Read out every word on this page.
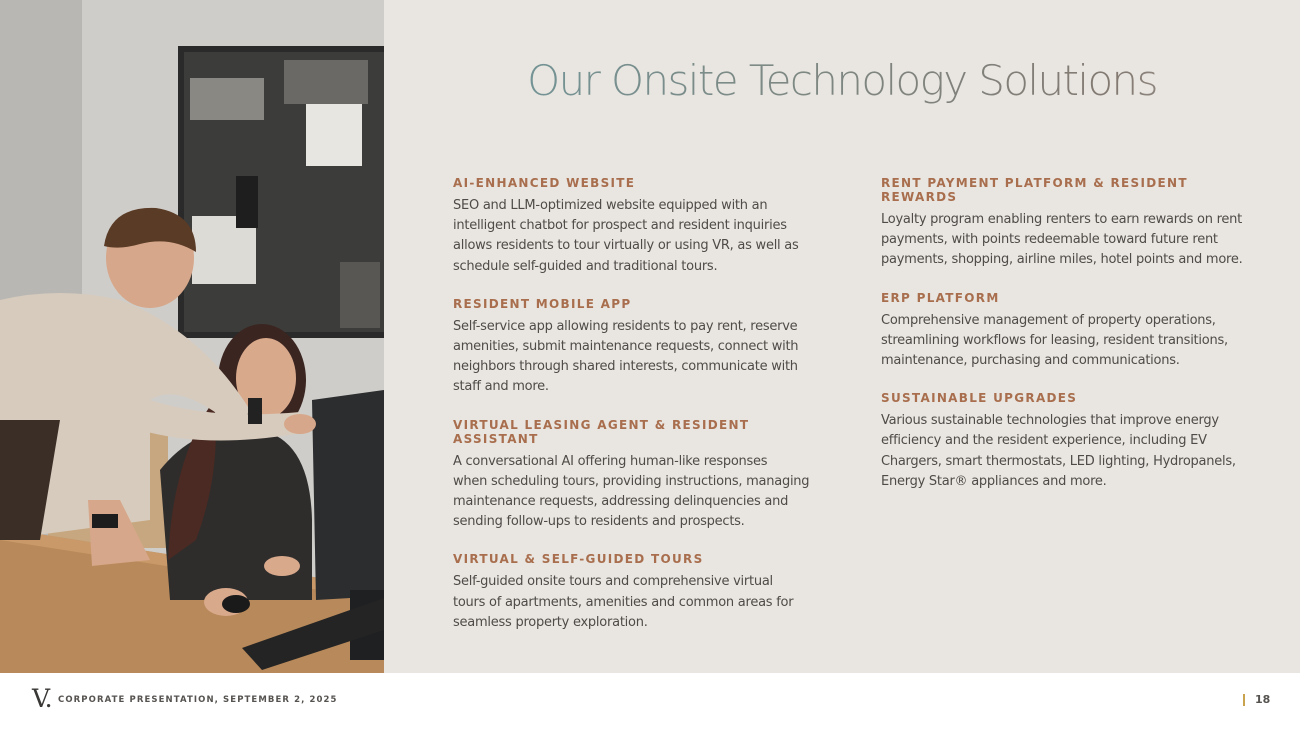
Our Onsite Technology Solutions
AI-ENHANCED WEBSITE
SEO and LLM-optimized website equipped with an
intelligent chatbot for prospect and resident inquiries
allows residents to tour virtually or using VR, as well as
schedule self-guided and traditional tours.
RESIDENT MOBILE APP
Self-service app allowing residents to pay rent, reserve
amenities, submit maintenance requests, connect with
neighbors through shared interests, communicate with
staff and more.
VIRTUAL LEASING AGENT & RESIDENT ASSISTANT
A conversational AI offering human-like responses
when scheduling tours, providing instructions, managing
maintenance requests, addressing delinquencies and
sending follow-ups to residents and prospects.
VIRTUAL & SELF-GUIDED TOURS
Self-guided onsite tours and comprehensive virtual
tours of apartments, amenities and common areas for
seamless property exploration.
RENT PAYMENT PLATFORM & RESIDENT REWARDS
Loyalty program enabling renters to earn rewards on rent
payments, with points redeemable toward future rent
payments, shopping, airline miles, hotel points and more.
ERP PLATFORM
Comprehensive management of property operations,
streamlining workflows for leasing, resident transitions,
maintenance, purchasing and communications.
SUSTAINABLE UPGRADES
Various sustainable technologies that improve energy
efficiency and the resident experience, including EV
Chargers, smart thermostats, LED lighting, Hydropanels,
Energy Star® appliances and more.
V. CORPORATE PRESENTATION, SEPTEMBER 2, 2025	18
